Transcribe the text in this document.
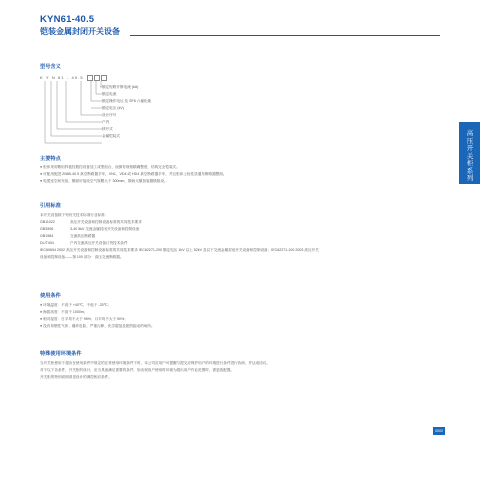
KYN61-40.5
铠装金属封闭开关设备
型号含义
K Y N 61 - 40.5
额定短路开断电流 (kA)
额定电流
额定操作电压 及 SF6 六氟化硫
额定电压 (kV)
设计序号
户内
移开式
金属铠装式
主要特点

● 柜体采用敷铝锌板经数控设备加工成型组合，而拥有规格精确整度，结构完全铠装式。

● 可配用配进 ZN85-40.5 真空断路器手车，VN1、VD4 或 HD4 真空断路器手车，并且柜体上检性质通布断路器整面。

● 电缆室空间充裕，额面可接设空气厚膜大于 300mm，额间大额加装避锚数设。

引用标准

本开关设备除下列有关技术标准行业标准：

GB11022	高压开关设备和控制设备标准的共同技术要求

GB3906	3-40 5kV 交流金属封闭开关设备和控制设备

GB1984	交流高压断路器

DL/T404	户内交流高压开关设备订货技术条件

IEC60694 2002 高压开关设备和控制设备标准的共同技术要求 IEC62271-200 额定电压 1kV 以上 52kV 及以下交流金属封闭开关设备和控制设备；IEC62271-100 2003 高压开关

设备和控制设备——第 100 部分：高压交流断路器。

使用条件

● 环境温度：不高于 +40℃，不低于 -25℃；

● 海拔高度：不高于 1000m；

● 相对湿度：日平均不大于 95%；月平均不大于 90%；

● 没有易燃性气体、爆炸危险、严重污秽、化学腐蚀及剧烈振动的场所。

特殊使用环境条件

当开关柜使用于超出在使用条件中规定的正常使用环境条件下时，本公司应用户可提醒与提交应保护用户的环境进行条件进行协商，并达成协议。

对于以下各条件，开关柜的设计，应当具备满足需要的条件，如出现用户使用时环境为超出用户作业范围时，需更改配置。

开关柜的特别说明请见设计的调控相应条件。

高压开关柜系列
0000
